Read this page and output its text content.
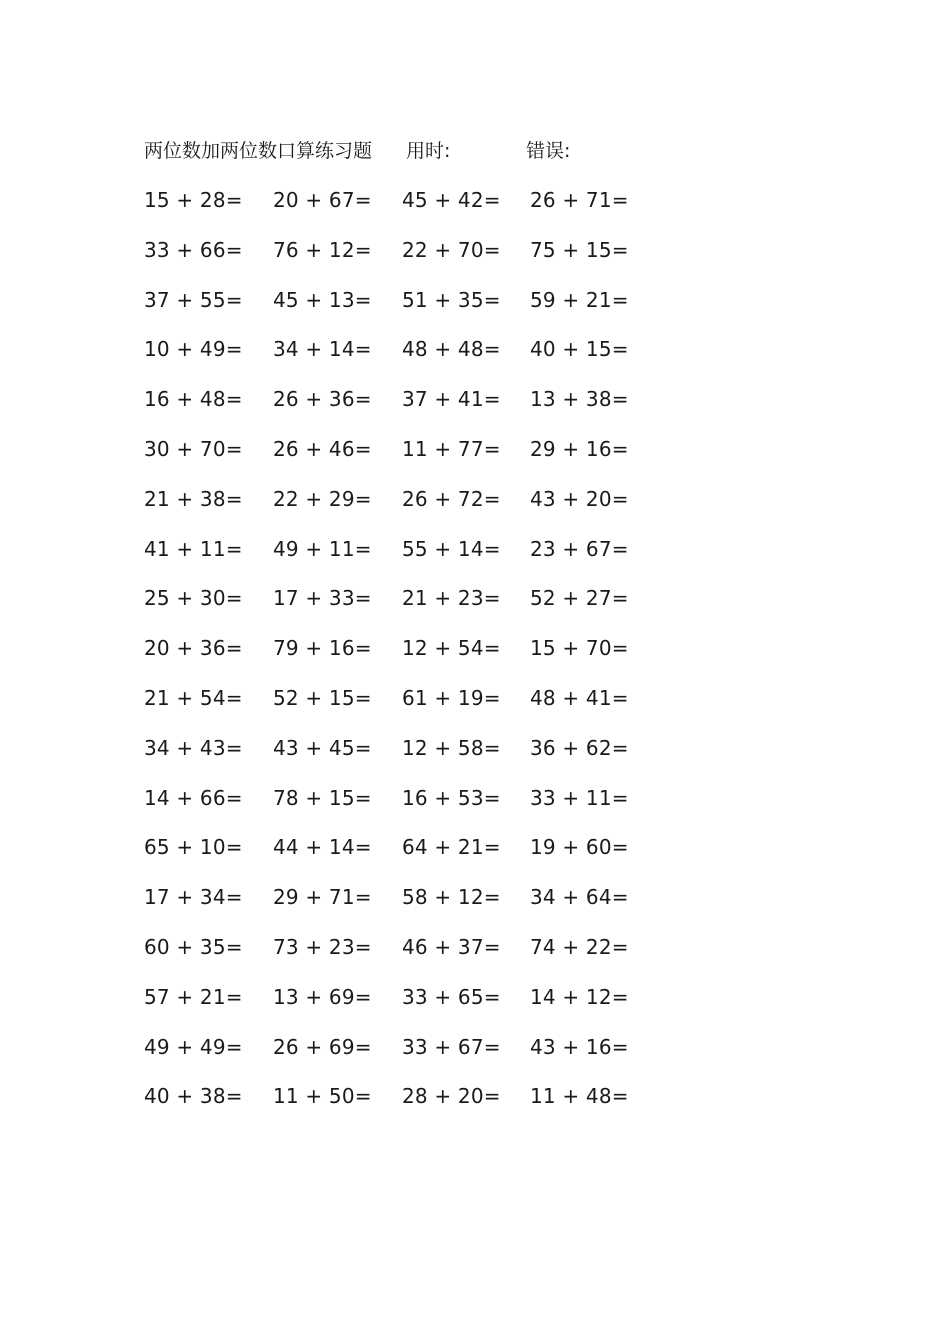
两位数加两位数口算练习题 用时:	错误:
15 + 28= 20 + 67= 45 + 42= 26 + 71=
33 + 66= 76 + 12= 22 + 70= 75 + 15=
37 + 55= 45 + 13= 51 + 35= 59 + 21=
10 + 49= 34 + 14= 48 + 48= 40 + 15=
16 + 48= 26 + 36= 37 + 41= 13 + 38=
30 + 70= 26 + 46= 11 + 77= 29 + 16=
21 + 38= 22 + 29= 26 + 72= 43 + 20=
41 + 11= 49 + 11= 55 + 14= 23 + 67=
25 + 30= 17 + 33= 21 + 23= 52 + 27=
20 + 36= 79 + 16= 12 + 54= 15 + 70=
21 + 54= 52 + 15= 61 + 19= 48 + 41=
34 + 43= 43 + 45= 12 + 58= 36 + 62=
14 + 66= 78 + 15= 16 + 53= 33 + 11=
65 + 10= 44 + 14= 64 + 21= 19 + 60=
17 + 34= 29 + 71= 58 + 12= 34 + 64=
60 + 35= 73 + 23= 46 + 37= 74 + 22=
57 + 21= 13 + 69= 33 + 65= 14 + 12=
49 + 49= 26 + 69= 33 + 67= 43 + 16=
40 + 38= 11 + 50= 28 + 20= 11 + 48=
